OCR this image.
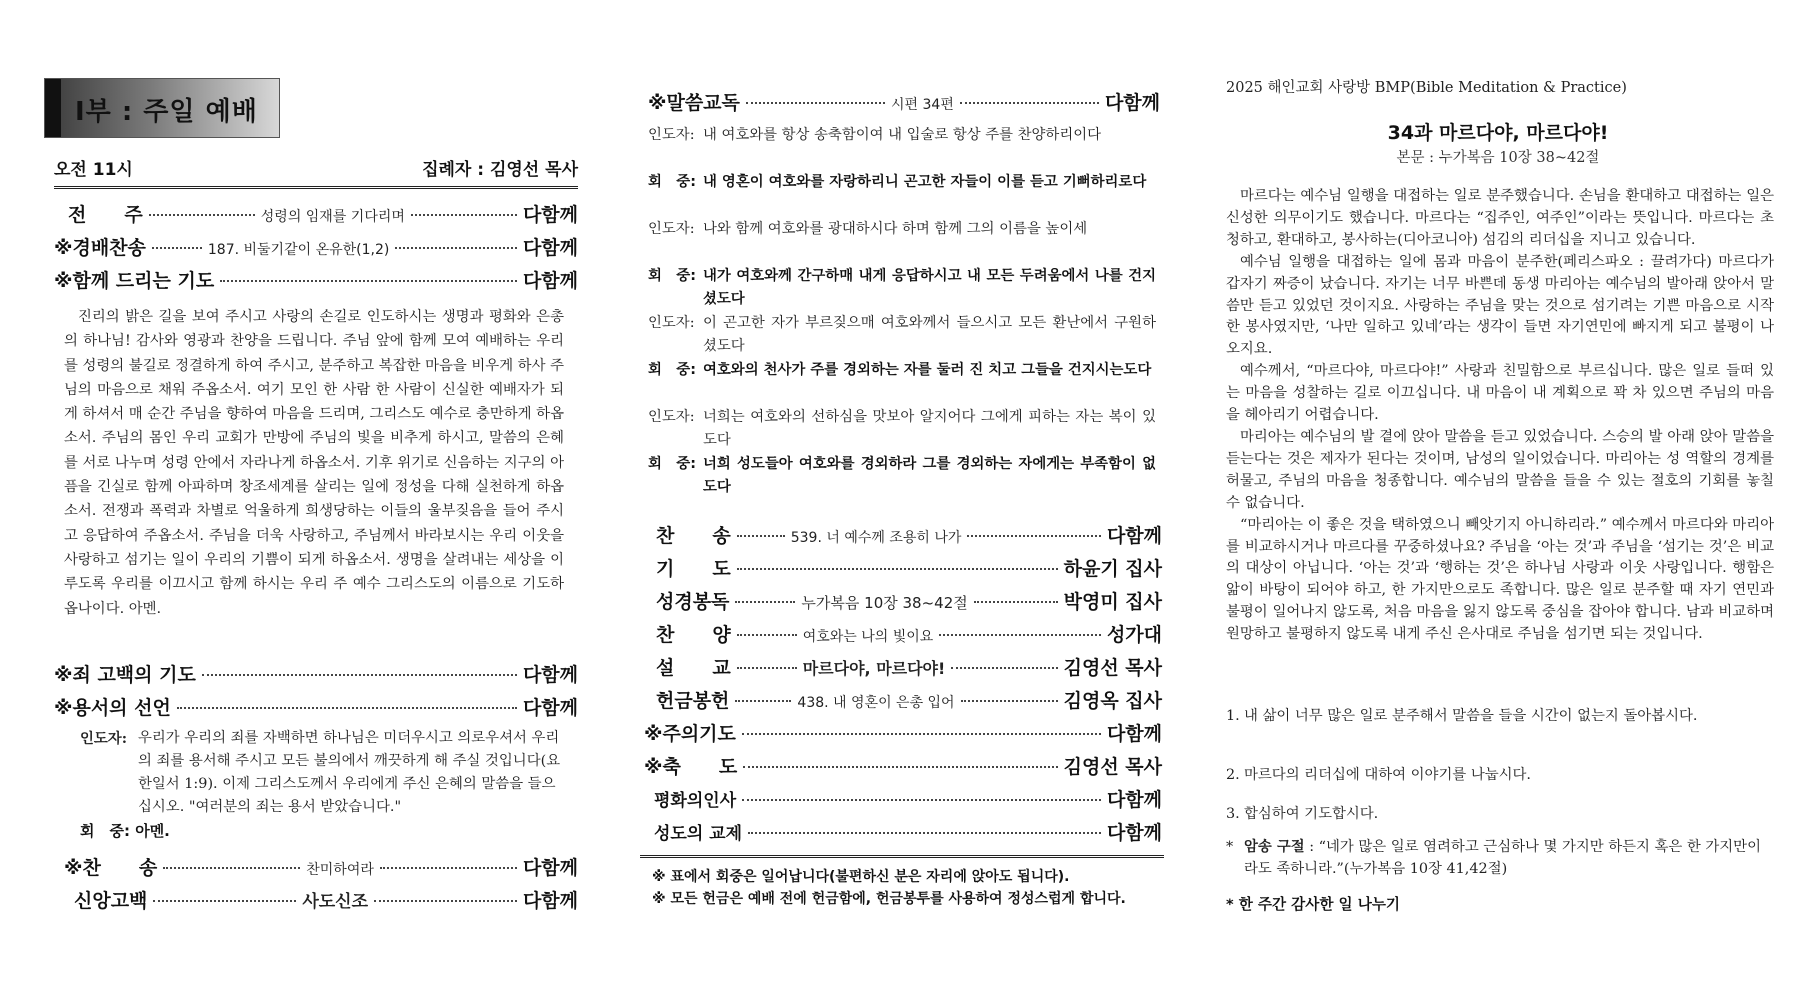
I부 : 주일 예배
오전 11시	집례자 : 김영선 목사
전　　주	성령의 임재를 기다리며	다함께
※경배찬송	187. 비둘기같이 온유한(1,2)	다함께
※함께 드리는 기도	다함께
진리의 밝은 길을 보여 주시고 사랑의 손길로 인도하시는 생명과 평화와 은총의 하나님! 감사와 영광과 찬양을 드립니다. 주님 앞에 함께 모여 예배하는 우리를 성령의 불길로 정결하게 하여 주시고, 분주하고 복잡한 마음을 비우게 하사 주님의 마음으로 채워 주옵소서. 여기 모인 한 사람 한 사람이 신실한 예배자가 되게 하셔서 매 순간 주님을 향하여 마음을 드리며, 그리스도 예수로 충만하게 하옵소서. 주님의 몸인 우리 교회가 만방에 주님의 빛을 비추게 하시고, 말씀의 은혜를 서로 나누며 성령 안에서 자라나게 하옵소서. 기후 위기로 신음하는 지구의 아픔을 긴실로 함께 아파하며 창조세계를 살리는 일에 정성을 다해 실천하게 하옵소서. 전쟁과 폭력과 차별로 억울하게 희생당하는 이들의 울부짖음을 들어 주시고 응답하여 주옵소서. 주님을 더욱 사랑하고, 주님께서 바라보시는 우리 이웃을 사랑하고 섬기는 일이 우리의 기쁨이 되게 하옵소서. 생명을 살려내는 세상을 이루도록 우리를 이끄시고 함께 하시는 우리 주 예수 그리스도의 이름으로 기도하옵나이다. 아멘.
※죄 고백의 기도	다함께
※용서의 선언	다함께
인도자: 우리가 우리의 죄를 자백하면 하나님은 미더우시고 의로우셔서 우리의 죄를 용서해 주시고 모든 불의에서 깨끗하게 해 주실 것입니다(요한일서 1:9). 이제 그리스도께서 우리에게 주신 은혜의 말씀을 들으십시오. "여러분의 죄는 용서 받았습니다."
회　중: 아멘.
※찬　　송	찬미하여라	다함께
신앙고백	사도신조	다함께
※말씀교독	시편 34편	다함께
인도자: 내 여호와를 항상 송축함이여 내 입술로 항상 주를 찬양하리이다
회　중: 내 영혼이 여호와를 자랑하리니 곤고한 자들이 이를 듣고 기뻐하리로다
인도자: 나와 함께 여호와를 광대하시다 하며 함께 그의 이름을 높이세
회　중: 내가 여호와께 간구하매 내게 응답하시고 내 모든 두려움에서 나를 건지셨도다
인도자: 이 곤고한 자가 부르짖으매 여호와께서 들으시고 모든 환난에서 구원하셨도다
회　중: 여호와의 천사가 주를 경외하는 자를 둘러 진 치고 그들을 건지시는도다
인도자: 너희는 여호와의 선하심을 맛보아 알지어다 그에게 피하는 자는 복이 있도다
회　중: 너희 성도들아 여호와를 경외하라 그를 경외하는 자에게는 부족함이 없도다
찬　　송	539. 너 예수께 조용히 나가	다함께
기　　도	하윤기 집사
성경봉독	누가복음 10장 38~42절	박영미 집사
찬　　양	여호와는 나의 빛이요	성가대
설　　교	마르다야, 마르다야!	김영선 목사
헌금봉헌	438. 내 영혼이 은총 입어	김영옥 집사
※주의기도	다함께
※축　　도	김영선 목사
평화의인사	다함께
성도의 교제	다함께
※ 표에서 회중은 일어납니다(불편하신 분은 자리에 앉아도 됩니다).
※ 모든 헌금은 예배 전에 헌금함에, 헌금봉투를 사용하여 정성스럽게 합니다.
2025 해인교회 사랑방 BMP(Bible Meditation & Practice)
34과 마르다야, 마르다야!
본문 : 누가복음 10장 38~42절

마르다는 예수님 일행을 대접하는 일로 분주했습니다. 손님을 환대하고 대접하는 일은 신성한 의무이기도 했습니다. 마르다는 “집주인, 여주인”이라는 뜻입니다. 마르다는 초청하고, 환대하고, 봉사하는(디아코니아) 섬김의 리더십을 지니고 있습니다.

예수님 일행을 대접하는 일에 몸과 마음이 분주한(페리스파오 : 끌려가다) 마르다가 갑자기 짜증이 났습니다. 자기는 너무 바쁜데 동생 마리아는 예수님의 발아래 앉아서 말씀만 듣고 있었던 것이지요. 사랑하는 주님을 맞는 것으로 섬기려는 기쁜 마음으로 시작한 봉사였지만, ‘나만 일하고 있네’라는 생각이 들면 자기연민에 빠지게 되고 불평이 나오지요.

예수께서, “마르다야, 마르다야!” 사랑과 친밀함으로 부르십니다. 많은 일로 들떠 있는 마음을 성찰하는 길로 이끄십니다. 내 마음이 내 계획으로 꽉 차 있으면 주님의 마음을 헤아리기 어렵습니다.

마리아는 예수님의 발 곁에 앉아 말씀을 듣고 있었습니다. 스승의 발 아래 앉아 말씀을 듣는다는 것은 제자가 된다는 것이며, 남성의 일이었습니다. 마리아는 성 역할의 경계를 허물고, 주님의 마음을 청종합니다. 예수님의 말씀을 들을 수 있는 절호의 기회를 놓칠 수 없습니다.

“마리아는 이 좋은 것을 택하였으니 빼앗기지 아니하리라.” 예수께서 마르다와 마리아를 비교하시거나 마르다를 꾸중하셨나요? 주님을 ‘아는 것’과 주님을 ‘섬기는 것’은 비교의 대상이 아닙니다. ‘아는 것’과 ‘행하는 것’은 하나님 사랑과 이웃 사랑입니다. 행함은 앎이 바탕이 되어야 하고, 한 가지만으로도 족합니다. 많은 일로 분주할 때 자기 연민과 불평이 일어나지 않도록, 처음 마음을 잃지 않도록 중심을 잡아야 합니다. 남과 비교하며 원망하고 불평하지 않도록 내게 주신 은사대로 주님을 섬기면 되는 것입니다.

1. 내 삶이 너무 많은 일로 분주해서 말씀을 들을 시간이 없는지 돌아봅시다.
2. 마르다의 리더십에 대하여 이야기를 나눕시다.
3. 합심하여 기도합시다.
* 암송 구절 : “네가 많은 일로 염려하고 근심하나 몇 가지만 하든지 혹은 한 가지만이라도 족하니라.”(누가복음 10장 41,42절)
* 한 주간 감사한 일 나누기
